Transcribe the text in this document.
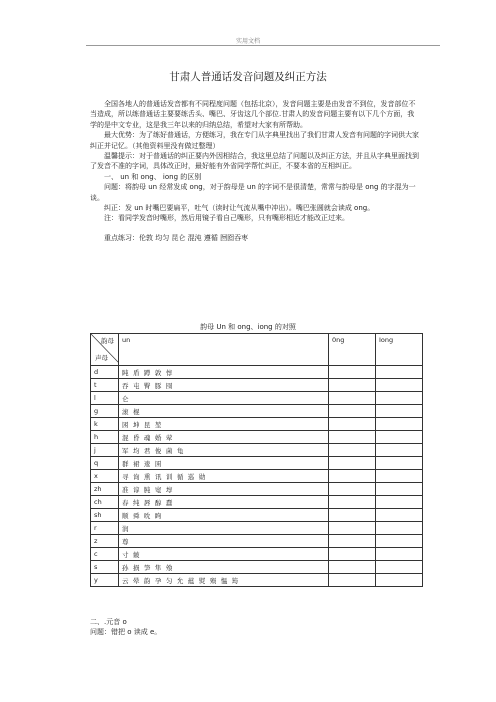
实用文档
甘肃人普通话发音问题及纠正方法

全国各地人的普通话发音都有不同程度问题（包括北京），发音问题主要是由发音不到位，发音部位不当造成，所以练普通话主要要练舌头、嘴巴、牙齿这几个部位.甘肃人的发音问题主要有以下几个方面，我学的是中文专业，这是我三年以来的归纳总结，希望对大家有所帮助。

最大优势：为了练好普通话，方便练习，我在专门从字典里找出了我们甘肃人发音有问题的字词供大家纠正并记忆。（其他资料里没有做过整理）

温馨提示：对于普通话的纠正要内外因相结合，我这里总结了问题以及纠正方法，并且从字典里面找到了发音不准的字词，具体改正时，最好能有外省同学帮忙纠正，不要本省的互相纠正。

一、 un 和 ong、 iong 的区别

问题：将韵母 un 经常发成 ong，对于韵母是 un 的字词不是很清楚，常常与韵母是 ong 的字混为一谈。

纠正：发 un 时嘴巴要扁平，吐气（读时让气流从嘴中冲出）。嘴巴张圆就会读成 ong。

注：看同学发音时嘴形，然后用镜子看自己嘴形，只有嘴形相近才能改正过来。

重点练习：伦敦 均匀 昆仑 混沌 遵循 囫囵吞枣

韵母 Un 和 ong、iong 的对照
韵母
声母	un	0ng	Iong
d	盹 盾 蹲 敦 惇		
t	吞 屯 臀 豚 囤		
l	仑		
g	滚 棍		
k	困 坤 昆 堃		
h	混 昏 魂 婚 荤		
j	军 均 君 俊 菌 龟		
q	群 裙 逡 囷		
x	寻 询 熏 讯 训 循 巡 勋		
zh	准 谆 肫 窀 埻		
ch	春 纯 唇 醇 蠢		
sh	顺 舜 吮 眴		
r	润		
z	尊		
c	寸 皴		
s	孙 损 笋 隼 飧		
y	云 晕 韵 孕 匀 允 蕴 熨 殒 愠 筠		

二、.元音 o

问题：错把 o 读成 e。
